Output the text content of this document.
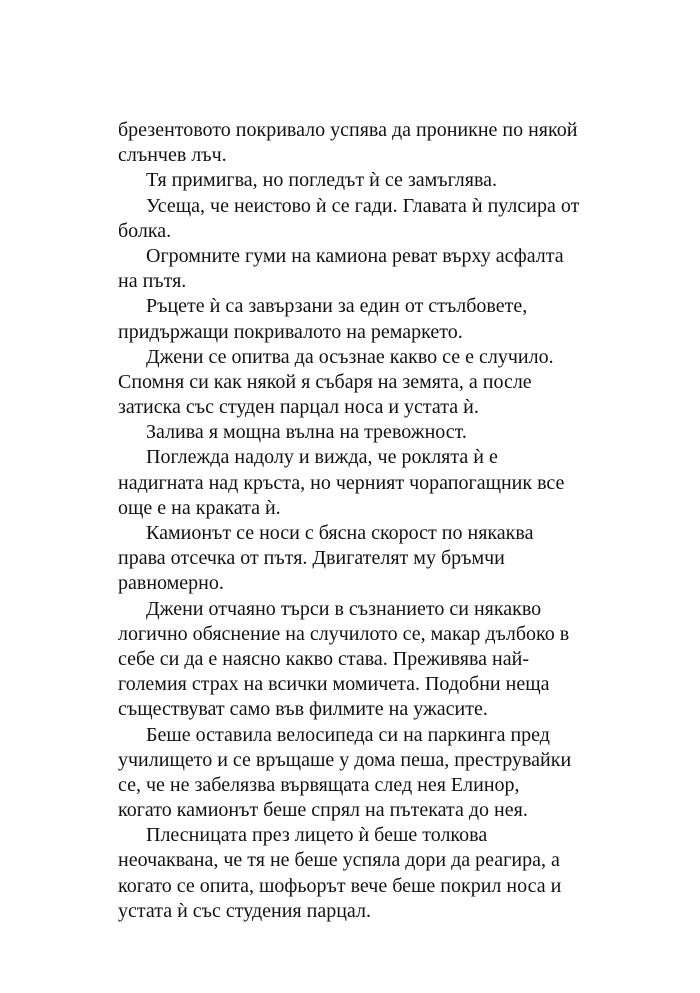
брезентовото покривало успява да проникне по някой
слънчев лъч.
Тя примигва, но погледът ѝ се замъглява.
Усеща, че неистово ѝ се гади. Главата ѝ пулсира от
болка.
Огромните гуми на камиона реват върху асфалта
на пътя.
Ръцете ѝ са завързани за един от стълбовете,
придържащи покривалото на ремаркето.
Джени се опитва да осъзнае какво се е случило.
Спомня си как някой я събаря на земята, а после
затиска със студен парцал носа и устата ѝ.
Залива я мощна вълна на тревожност.
Поглежда надолу и вижда, че роклята ѝ е
надигната над кръста, но черният чорапогащник все
още е на краката ѝ.
Камионът се носи с бясна скорост по някаква
права отсечка от пътя. Двигателят му бръмчи
равномерно.
Джени отчаяно търси в съзнанието си някакво
логично обяснение на случилото се, макар дълбоко в
себе си да е наясно какво става. Преживява най-
големия страх на всички момичета. Подобни неща
съществуват само във филмите на ужасите.
Беше оставила велосипеда си на паркинга пред
училището и се връщаше у дома пеша, преструвайки
се, че не забелязва вървящата след нея Елинор,
когато камионът беше спрял на пътеката до нея.
Плесницата през лицето ѝ беше толкова
неочаквана, че тя не беше успяла дори да реагира, а
когато се опита, шофьорът вече беше покрил носа и
устата ѝ със студения парцал.
